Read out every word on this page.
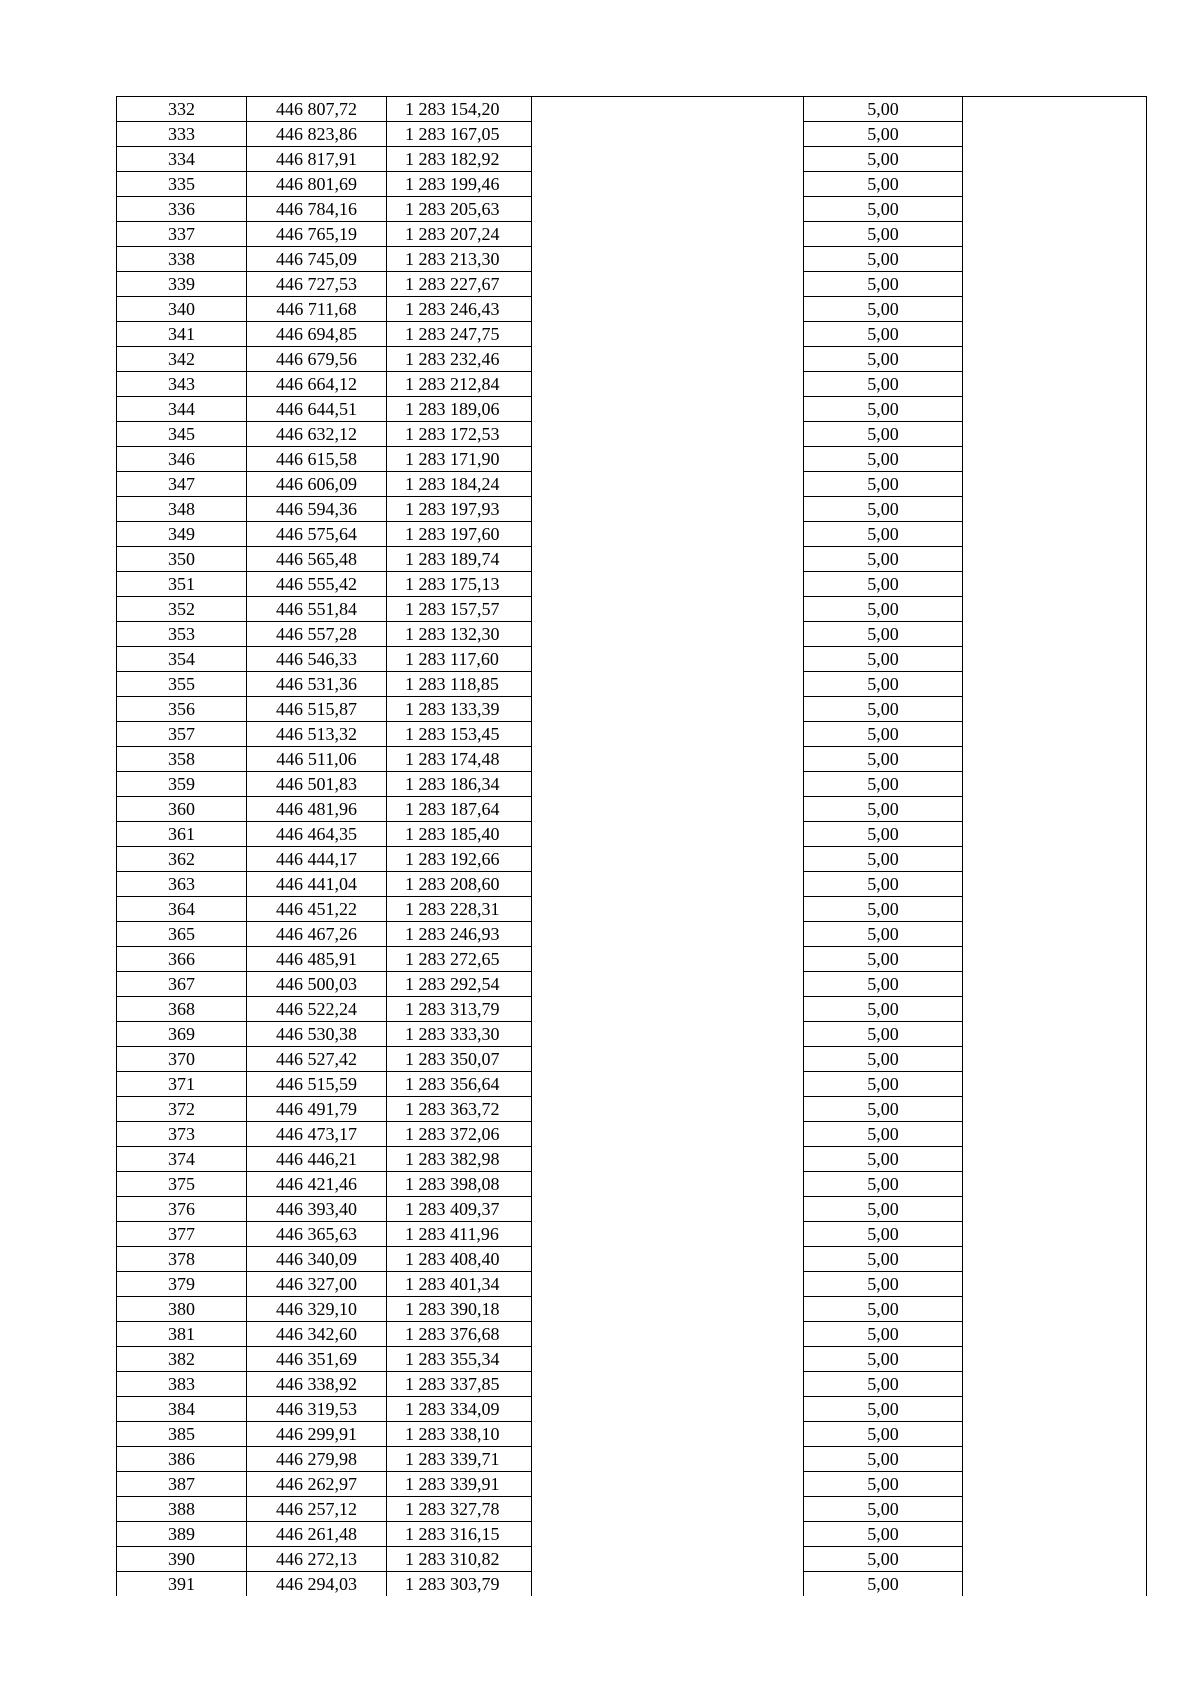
332	446 807,72	1 283 154,20		5,00	
333	446 823,86	1 283 167,05		5,00	
334	446 817,91	1 283 182,92		5,00	
335	446 801,69	1 283 199,46		5,00	
336	446 784,16	1 283 205,63		5,00	
337	446 765,19	1 283 207,24		5,00	
338	446 745,09	1 283 213,30		5,00	
339	446 727,53	1 283 227,67		5,00	
340	446 711,68	1 283 246,43		5,00	
341	446 694,85	1 283 247,75		5,00	
342	446 679,56	1 283 232,46		5,00	
343	446 664,12	1 283 212,84		5,00	
344	446 644,51	1 283 189,06		5,00	
345	446 632,12	1 283 172,53		5,00	
346	446 615,58	1 283 171,90		5,00	
347	446 606,09	1 283 184,24		5,00	
348	446 594,36	1 283 197,93		5,00	
349	446 575,64	1 283 197,60		5,00	
350	446 565,48	1 283 189,74		5,00	
351	446 555,42	1 283 175,13		5,00	
352	446 551,84	1 283 157,57		5,00	
353	446 557,28	1 283 132,30		5,00	
354	446 546,33	1 283 117,60		5,00	
355	446 531,36	1 283 118,85		5,00	
356	446 515,87	1 283 133,39		5,00	
357	446 513,32	1 283 153,45		5,00	
358	446 511,06	1 283 174,48		5,00	
359	446 501,83	1 283 186,34		5,00	
360	446 481,96	1 283 187,64		5,00	
361	446 464,35	1 283 185,40		5,00	
362	446 444,17	1 283 192,66		5,00	
363	446 441,04	1 283 208,60		5,00	
364	446 451,22	1 283 228,31		5,00	
365	446 467,26	1 283 246,93		5,00	
366	446 485,91	1 283 272,65		5,00	
367	446 500,03	1 283 292,54		5,00	
368	446 522,24	1 283 313,79		5,00	
369	446 530,38	1 283 333,30		5,00	
370	446 527,42	1 283 350,07		5,00	
371	446 515,59	1 283 356,64		5,00	
372	446 491,79	1 283 363,72		5,00	
373	446 473,17	1 283 372,06		5,00	
374	446 446,21	1 283 382,98		5,00	
375	446 421,46	1 283 398,08		5,00	
376	446 393,40	1 283 409,37		5,00	
377	446 365,63	1 283 411,96		5,00	
378	446 340,09	1 283 408,40		5,00	
379	446 327,00	1 283 401,34		5,00	
380	446 329,10	1 283 390,18		5,00	
381	446 342,60	1 283 376,68		5,00	
382	446 351,69	1 283 355,34		5,00	
383	446 338,92	1 283 337,85		5,00	
384	446 319,53	1 283 334,09		5,00	
385	446 299,91	1 283 338,10		5,00	
386	446 279,98	1 283 339,71		5,00	
387	446 262,97	1 283 339,91		5,00	
388	446 257,12	1 283 327,78		5,00	
389	446 261,48	1 283 316,15		5,00	
390	446 272,13	1 283 310,82		5,00	
391	446 294,03	1 283 303,79		5,00	
